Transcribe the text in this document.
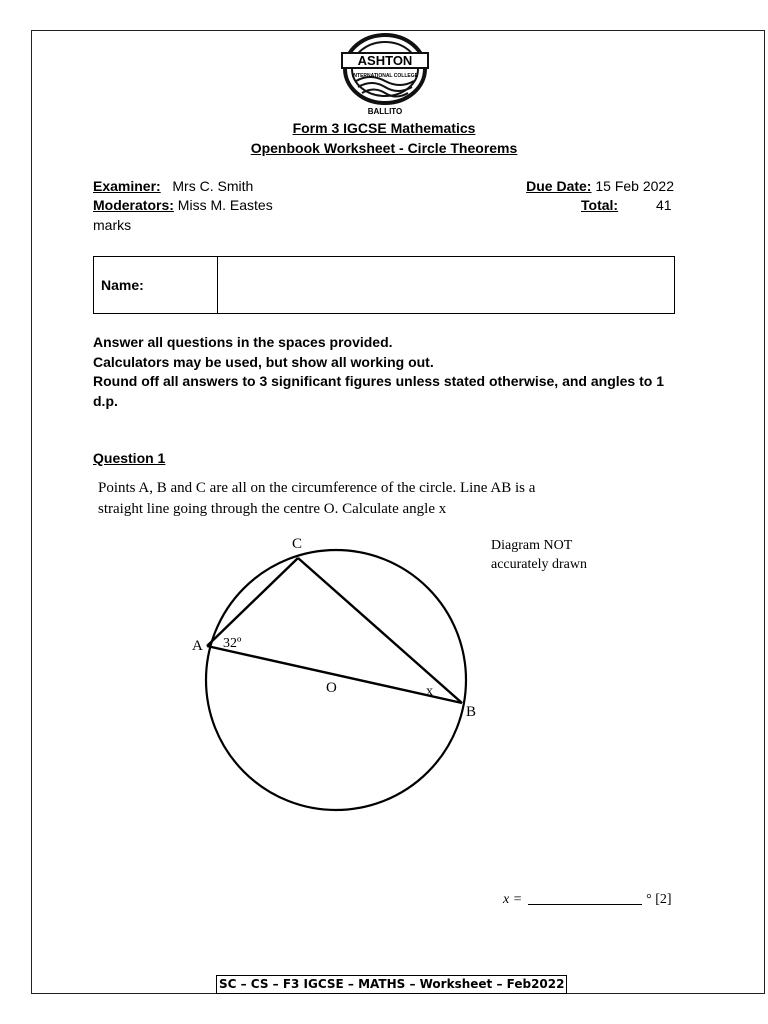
ASHTON
INTERNATIONAL COLLEGE
BALLITO
Form 3 IGCSE Mathematics
Openbook Worksheet - Circle Theorems
Examiner: Mrs C. Smith
Moderators: Miss M. Eastes
marks
Due Date: 15 Feb 2022
Total:	41
Name:
Answer all questions in the spaces provided.
Calculators may be used, but show all working out.
Round off all answers to 3 significant figures unless stated otherwise, and angles to 1 d.p.
Question 1
Points A, B and C are all on the circumference of the circle. Line AB is a
straight line going through the centre O. Calculate angle x
Diagram NOT
accurately drawn
C
A
B
O	x
32º
x =	° [2]
SC – CS – F3 IGCSE – MATHS – Worksheet – Feb2022
